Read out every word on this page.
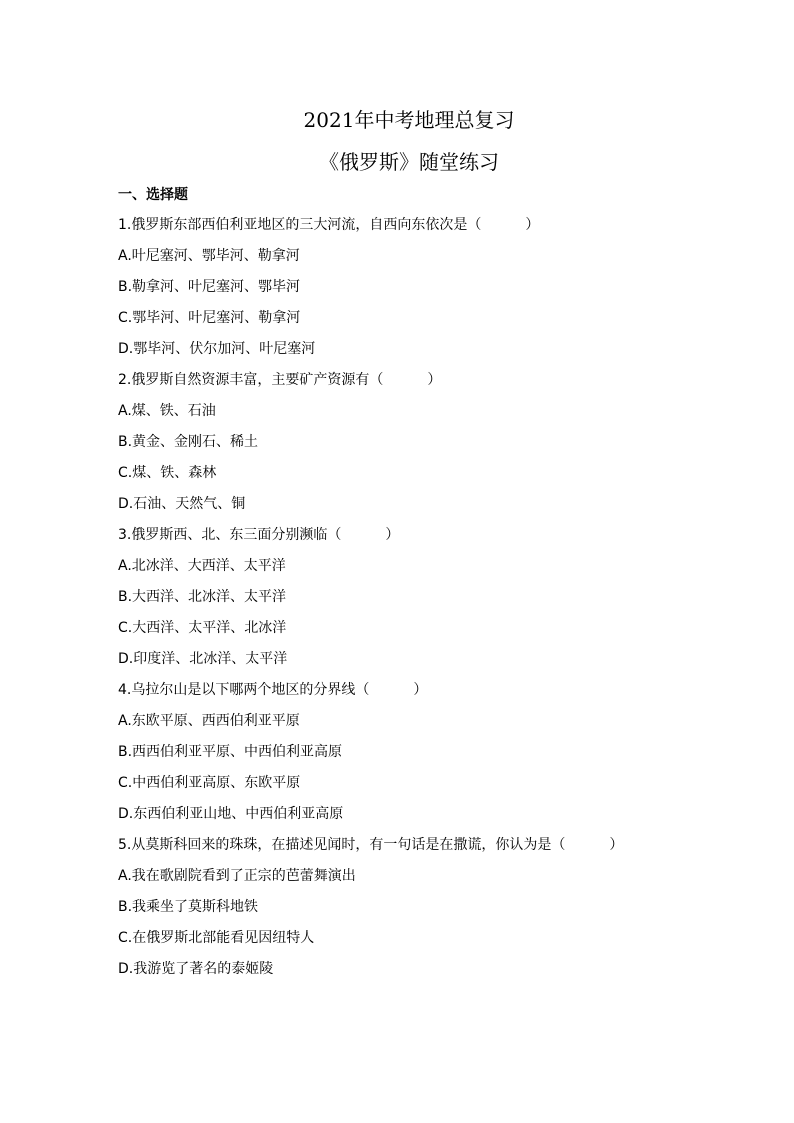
2021年中考地理总复习
《俄罗斯》随堂练习
一、选择题
1.俄罗斯东部西伯利亚地区的三大河流，自西向东依次是（	）
A.叶尼塞河、鄂毕河、勒拿河
B.勒拿河、叶尼塞河、鄂毕河
C.鄂毕河、叶尼塞河、勒拿河
D.鄂毕河、伏尔加河、叶尼塞河
2.俄罗斯自然资源丰富，主要矿产资源有（	）
A.煤、铁、石油
B.黄金、金刚石、稀土
C.煤、铁、森林
D.石油、天然气、铜
3.俄罗斯西、北、东三面分别濒临（	）
A.北冰洋、大西洋、太平洋
B.大西洋、北冰洋、太平洋
C.大西洋、太平洋、北冰洋
D.印度洋、北冰洋、太平洋
4.乌拉尔山是以下哪两个地区的分界线（	）
A.东欧平原、西西伯利亚平原
B.西西伯利亚平原、中西伯利亚高原
C.中西伯利亚高原、东欧平原
D.东西伯利亚山地、中西伯利亚高原
5.从莫斯科回来的珠珠，在描述见闻时，有一句话是在撒谎，你认为是（	）
A.我在歌剧院看到了正宗的芭蕾舞演出
B.我乘坐了莫斯科地铁
C.在俄罗斯北部能看见因纽特人
D.我游览了著名的泰姬陵
